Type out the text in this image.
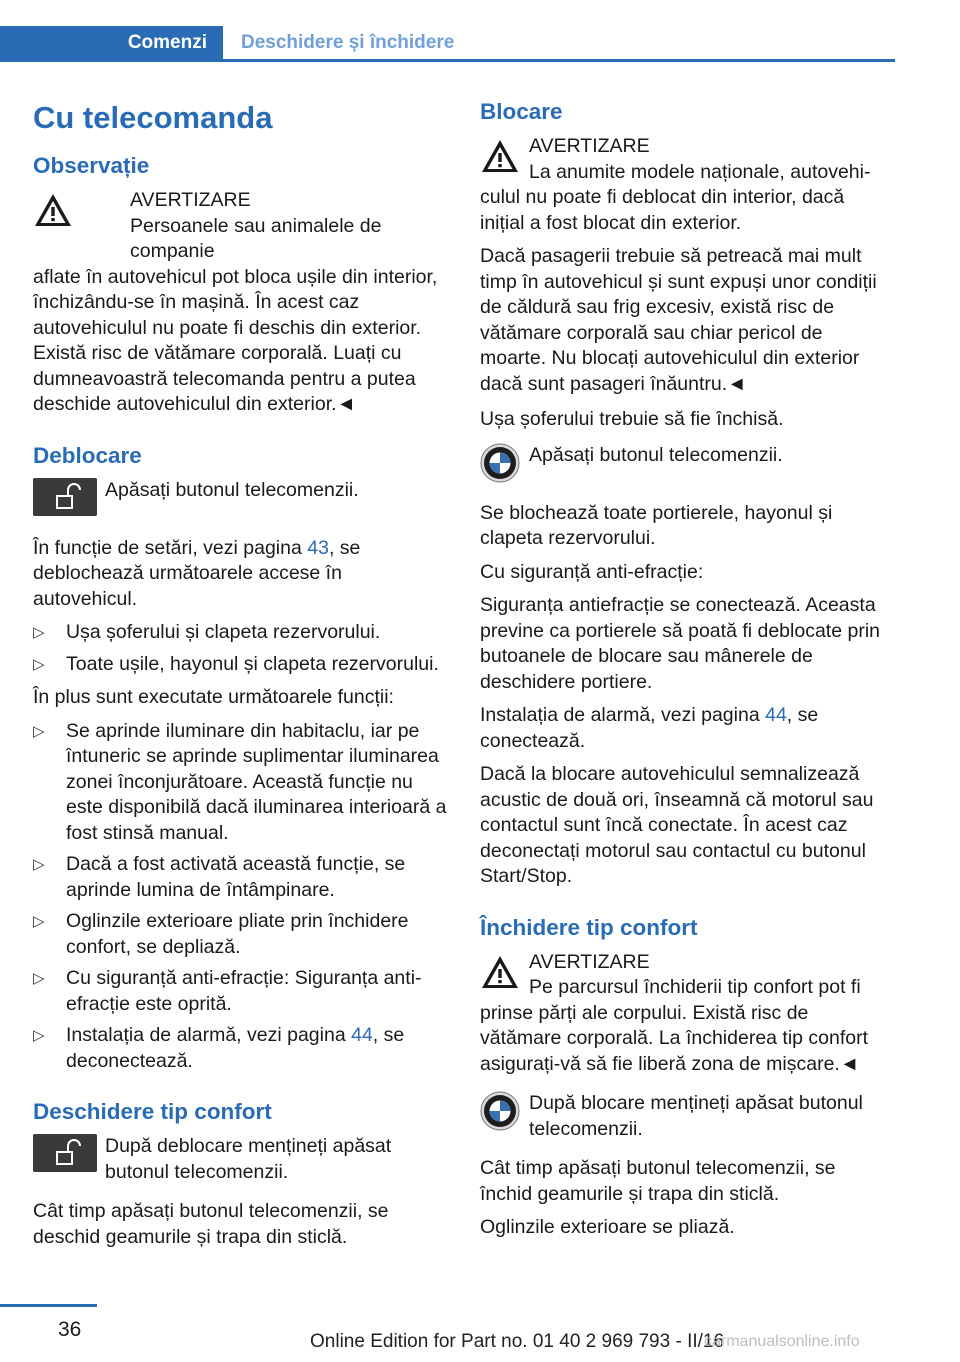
Comenzi	Deschidere și închidere
Cu telecomanda
Observație

AVERTIZARE

Persoanele sau animalele de companie

aflate în autovehicul pot bloca ușile din interior, închizându-se în mașină. În acest caz autovehiculul nu poate fi deschis din exterior. Există risc de vătămare corporală. Luați cu dumneavoastră telecomanda pentru a putea deschide autovehiculul din exterior.◄

Deblocare

Apăsați butonul telecomenzii.

În funcție de setări, vezi pagina 43, se deblochează următoarele accese în autovehicul.

▷ Ușa șoferului și clapeta rezervorului.
▷ Toate ușile, hayonul și clapeta rezervorului.

În plus sunt executate următoarele funcții:

▷ Se aprinde iluminare din habitaclu, iar pe întuneric se aprinde suplimentar iluminarea zonei înconjurătoare. Această funcție nu este disponibilă dacă iluminarea interioară a fost stinsă manual.
▷ Dacă a fost activată această funcție, se aprinde lumina de întâmpinare.
▷ Oglinzile exterioare pliate prin închidere confort, se depliază.
▷ Cu siguranță anti-efracție: Siguranța anti-efracție este oprită.
▷ Instalația de alarmă, vezi pagina 44, se deconectează.
Deschidere tip confort

După deblocare mențineți apăsat butonul telecomenzii.

Cât timp apăsați butonul telecomenzii, se deschid geamurile și trapa din sticlă.

Blocare

AVERTIZARE

La anumite modele naționale, autovehi-

culul nu poate fi deblocat din interior, dacă inițial a fost blocat din exterior.

Dacă pasagerii trebuie să petreacă mai mult timp în autovehicul și sunt expuși unor condiții de căldură sau frig excesiv, există risc de vătămare corporală sau chiar pericol de moarte. Nu blocați autovehiculul din exterior dacă sunt pasageri înăuntru.◄

Ușa șoferului trebuie să fie închisă.

Apăsați butonul telecomenzii.

Se blochează toate portierele, hayonul și clapeta rezervorului.

Cu siguranță anti-efracție:

Siguranța antiefracție se conectează. Aceasta previne ca portierele să poată fi deblocate prin butoanele de blocare sau mânerele de deschidere portiere.

Instalația de alarmă, vezi pagina 44, se conectează.

Dacă la blocare autovehiculul semnalizează acustic de două ori, înseamnă că motorul sau contactul sunt încă conectate. În acest caz deconectați motorul sau contactul cu butonul Start/Stop.

Închidere tip confort

AVERTIZARE

Pe parcursul închiderii tip confort pot fi

prinse părți ale corpului. Există risc de vătămare corporală. La închiderea tip confort asigurați-vă să fie liberă zona de mișcare.◄

După blocare mențineți apăsat butonul telecomenzii.

Cât timp apăsați butonul telecomenzii, se închid geamurile și trapa din sticlă.

Oglinzile exterioare se pliază.

36
Online Edition for Part no. 01 40 2 969 793 - II/16
carmanualsonline.info
